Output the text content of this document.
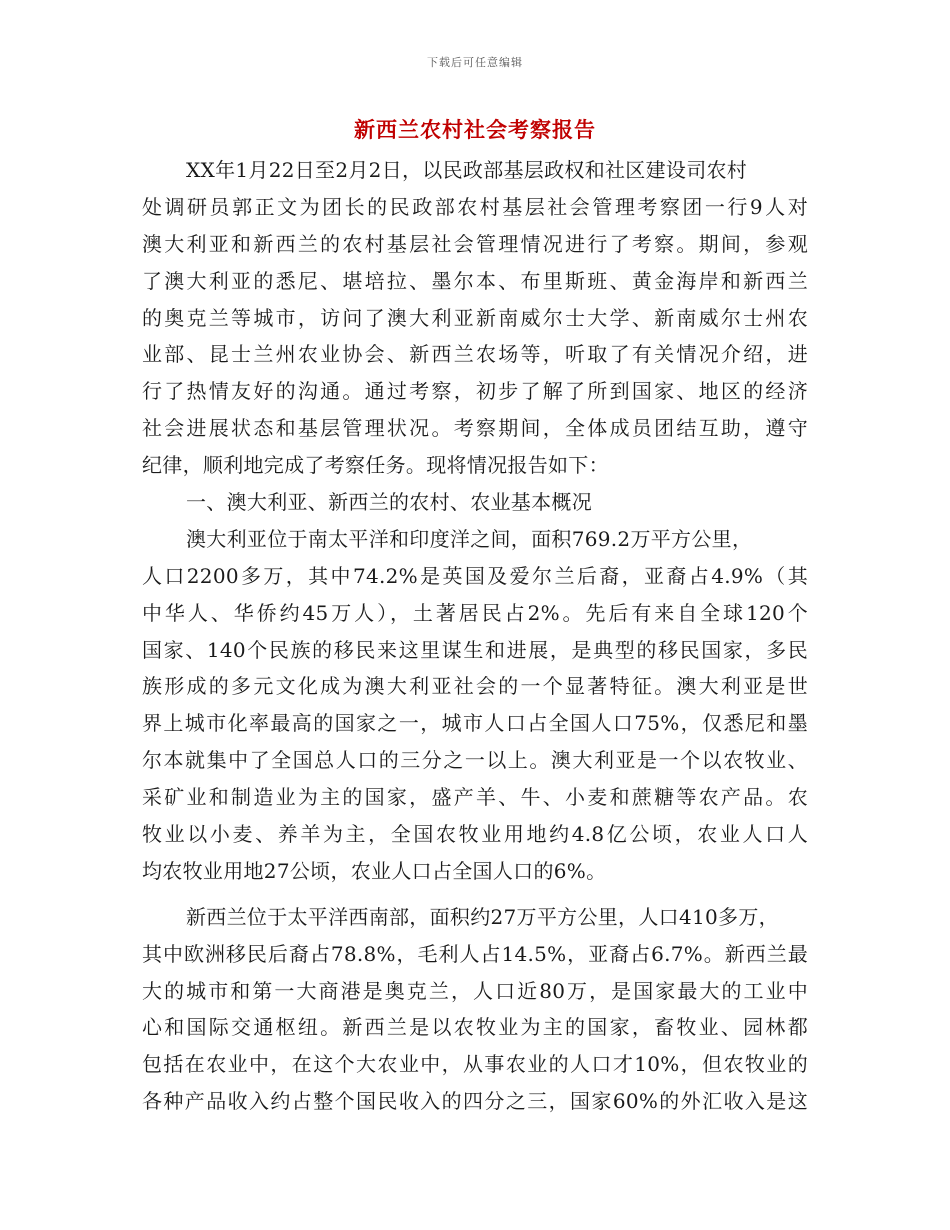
下载后可任意编辑
新西兰农村社会考察报告
XX年1月22日至2月2日，以民政部基层政权和社区建设司农村
处调研员郭正文为团长的民政部农村基层社会管理考察团一行9人对
澳大利亚和新西兰的农村基层社会管理情况进行了考察。期间，参观
了澳大利亚的悉尼、堪培拉、墨尔本、布里斯班、黄金海岸和新西兰
的奥克兰等城市，访问了澳大利亚新南威尔士大学、新南威尔士州农
业部、昆士兰州农业协会、新西兰农场等，听取了有关情况介绍，进
行了热情友好的沟通。通过考察，初步了解了所到国家、地区的经济
社会进展状态和基层管理状况。考察期间，全体成员团结互助，遵守
纪律，顺利地完成了考察任务。现将情况报告如下：
一、澳大利亚、新西兰的农村、农业基本概况
澳大利亚位于南太平洋和印度洋之间，面积769.2万平方公里，
人口2200多万，其中74.2%是英国及爱尔兰后裔，亚裔占4.9%（其
中华人、华侨约45万人），土著居民占2%。先后有来自全球120个
国家、140个民族的移民来这里谋生和进展，是典型的移民国家，多民
族形成的多元文化成为澳大利亚社会的一个显著特征。澳大利亚是世
界上城市化率最高的国家之一，城市人口占全国人口75%，仅悉尼和墨
尔本就集中了全国总人口的三分之一以上。澳大利亚是一个以农牧业、
采矿业和制造业为主的国家，盛产羊、牛、小麦和蔗糖等农产品。农
牧业以小麦、养羊为主，全国农牧业用地约4.8亿公顷，农业人口人
均农牧业用地27公顷，农业人口占全国人口的6%。
新西兰位于太平洋西南部，面积约27万平方公里，人口410多万，
其中欧洲移民后裔占78.8%，毛利人占14.5%，亚裔占6.7%。新西兰最
大的城市和第一大商港是奥克兰，人口近80万，是国家最大的工业中
心和国际交通枢纽。新西兰是以农牧业为主的国家，畜牧业、园林都
包括在农业中，在这个大农业中，从事农业的人口才10%，但农牧业的
各种产品收入约占整个国民收入的四分之三，国家60%的外汇收入是这
